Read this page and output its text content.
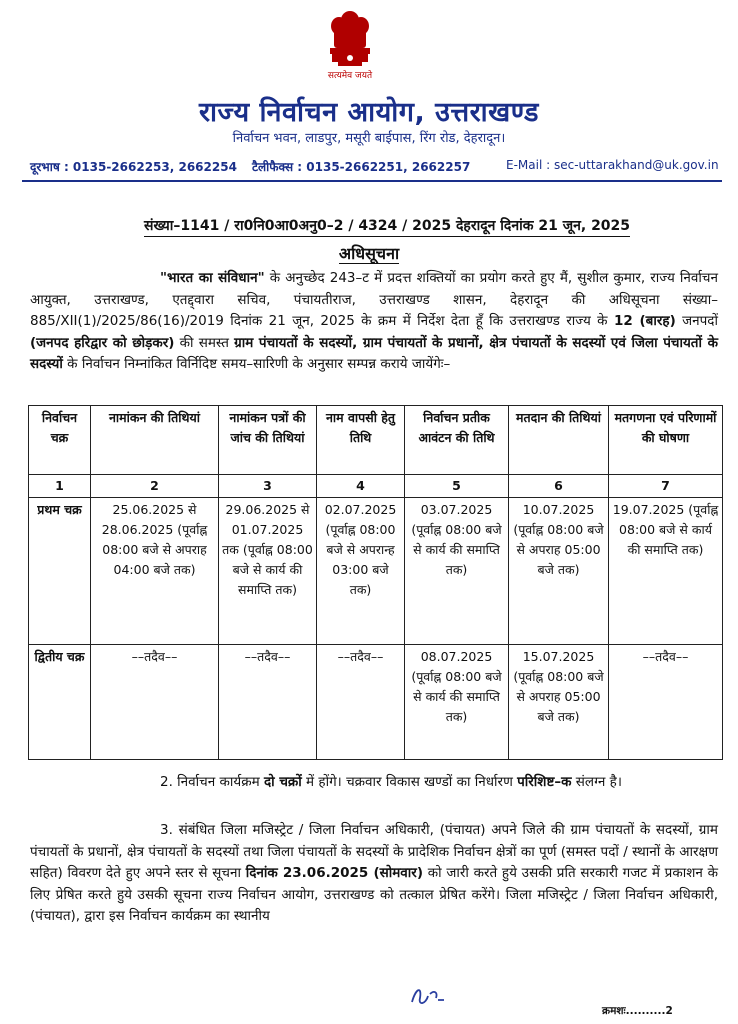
सत्यमेव जयते
राज्य निर्वाचन आयोग, उत्तराखण्ड
निर्वाचन भवन, लाडपुर, मसूरी बाईपास, रिंग रोड, देहरादून।
दूरभाष : 0135-2662253, 2662254 टैलीफैक्स : 0135-2662251, 2662257	E-Mail : sec-uttarakhand@uk.gov.in
संख्या–1141 / रा0नि0आ0अनु0–2 / 4324 / 2025 देहरादून दिनांक 21 जून, 2025
अधिसूचना
"भारत का संविधान" के अनुच्छेद 243–ट में प्रदत्त शक्तियों का प्रयोग करते हुए मैं, सुशील कुमार, राज्य निर्वाचन आयुक्त, उत्तराखण्ड, एतद्द्वारा सचिव, पंचायतीराज, उत्तराखण्ड शासन, देहरादून की अधिसूचना संख्या–885/XII(1)/2025/86(16)/2019 दिनांक 21 जून, 2025 के क्रम में निर्देश देता हूँ कि उत्तराखण्ड राज्य के 12 (बारह) जनपदों (जनपद हरिद्वार को छोड़कर) की समस्त ग्राम पंचायतों के सदस्यों, ग्राम पंचायतों के प्रधानों, क्षेत्र पंचायतों के सदस्यों एवं जिला पंचायतों के सदस्यों के निर्वाचन निम्नांकित विर्निदिष्ट समय–सारिणी के अनुसार सम्पन्न कराये जायेंगेः–
निर्वाचन चक्र	नामांकन की तिथियां	नामांकन पत्रों की जांच की तिथियां	नाम वापसी हेतु तिथि	निर्वाचन प्रतीक आवंटन की तिथि	मतदान की तिथियां	मतगणना एवं परिणामों की घोषणा
1	2	3	4	5	6	7
प्रथम चक्र	25.06.2025 से 28.06.2025 (पूर्वाह्न 08:00 बजे से अपराह 04:00 बजे तक)	29.06.2025 से 01.07.2025 तक (पूर्वाह्न 08:00 बजे से कार्य की समाप्ति तक)	02.07.2025 (पूर्वाह्न 08:00 बजे से अपरान्ह 03:00 बजे तक)	03.07.2025 (पूर्वाह्न 08:00 बजे से कार्य की समाप्ति तक)	10.07.2025 (पूर्वाह्न 08:00 बजे से अपराह 05:00 बजे तक)	19.07.2025 (पूर्वाह्न 08:00 बजे से कार्य की समाप्ति तक)
द्वितीय चक्र	––तदैव––	––तदैव––	––तदैव––	08.07.2025 (पूर्वाह्न 08:00 बजे से कार्य की समाप्ति तक)	15.07.2025 (पूर्वाह्न 08:00 बजे से अपराह 05:00 बजे तक)	––तदैव––
2. निर्वाचन कार्यक्रम दो चक्रों में होंगे। चक्रवार विकास खण्डों का निर्धारण परिशिष्ट–क संलग्न है।
3. संबंधित जिला मजिस्ट्रेट / जिला निर्वाचन अधिकारी, (पंचायत) अपने जिले की ग्राम पंचायतों के सदस्यों, ग्राम पंचायतों के प्रधानों, क्षेत्र पंचायतों के सदस्यों तथा जिला पंचायतों के सदस्यों के प्रादेशिक निर्वाचन क्षेत्रों का पूर्ण (समस्त पदों / स्थानों के आरक्षण सहित) विवरण देते हुए अपने स्तर से सूचना दिनांक 23.06.2025 (सोमवार) को जारी करते हुये उसकी प्रति सरकारी गजट में प्रकाशन के लिए प्रेषित करते हुये उसकी सूचना राज्य निर्वाचन आयोग, उत्तराखण्ड को तत्काल प्रेषित करेंगे। जिला मजिस्ट्रेट / जिला निर्वाचन अधिकारी, (पंचायत), द्वारा इस निर्वाचन कार्यक्रम का स्थानीय
क्रमशः..........2
